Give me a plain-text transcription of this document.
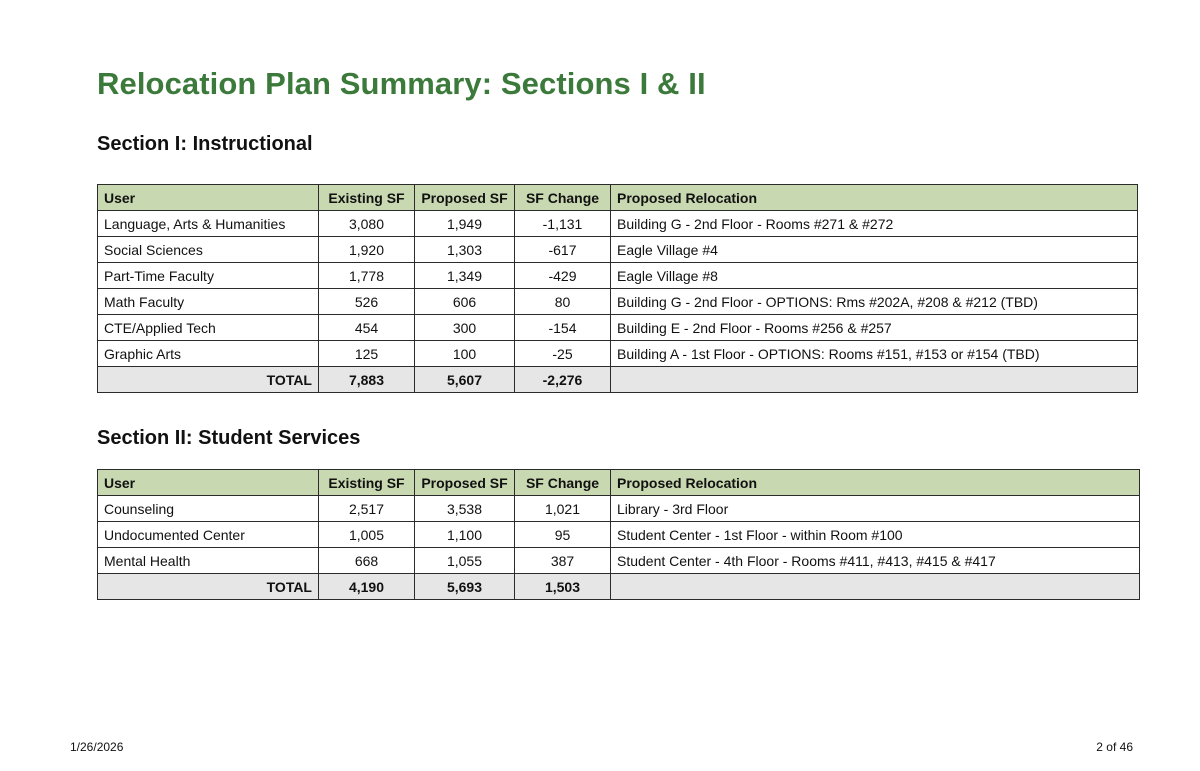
Relocation Plan Summary: Sections I & II
Section I: Instructional
User	Existing SF	Proposed SF	SF Change	Proposed Relocation
Language, Arts & Humanities	3,080	1,949	-1,131	Building G - 2nd Floor - Rooms #271 & #272
Social Sciences	1,920	1,303	-617	Eagle Village #4
Part-Time Faculty	1,778	1,349	-429	Eagle Village #8
Math Faculty	526	606	80	Building G - 2nd Floor - OPTIONS: Rms #202A, #208 & #212 (TBD)
CTE/Applied Tech	454	300	-154	Building E - 2nd Floor - Rooms #256 & #257
Graphic Arts	125	100	-25	Building A - 1st Floor - OPTIONS: Rooms #151, #153 or #154 (TBD)
TOTAL	7,883	5,607	-2,276	
Section II: Student Services
User	Existing SF	Proposed SF	SF Change	Proposed Relocation
Counseling	2,517	3,538	1,021	Library - 3rd Floor
Undocumented Center	1,005	1,100	95	Student Center - 1st Floor - within Room #100
Mental Health	668	1,055	387	Student Center - 4th Floor - Rooms #411, #413, #415 & #417
TOTAL	4,190	5,693	1,503	
1/26/2026	2 of 46
